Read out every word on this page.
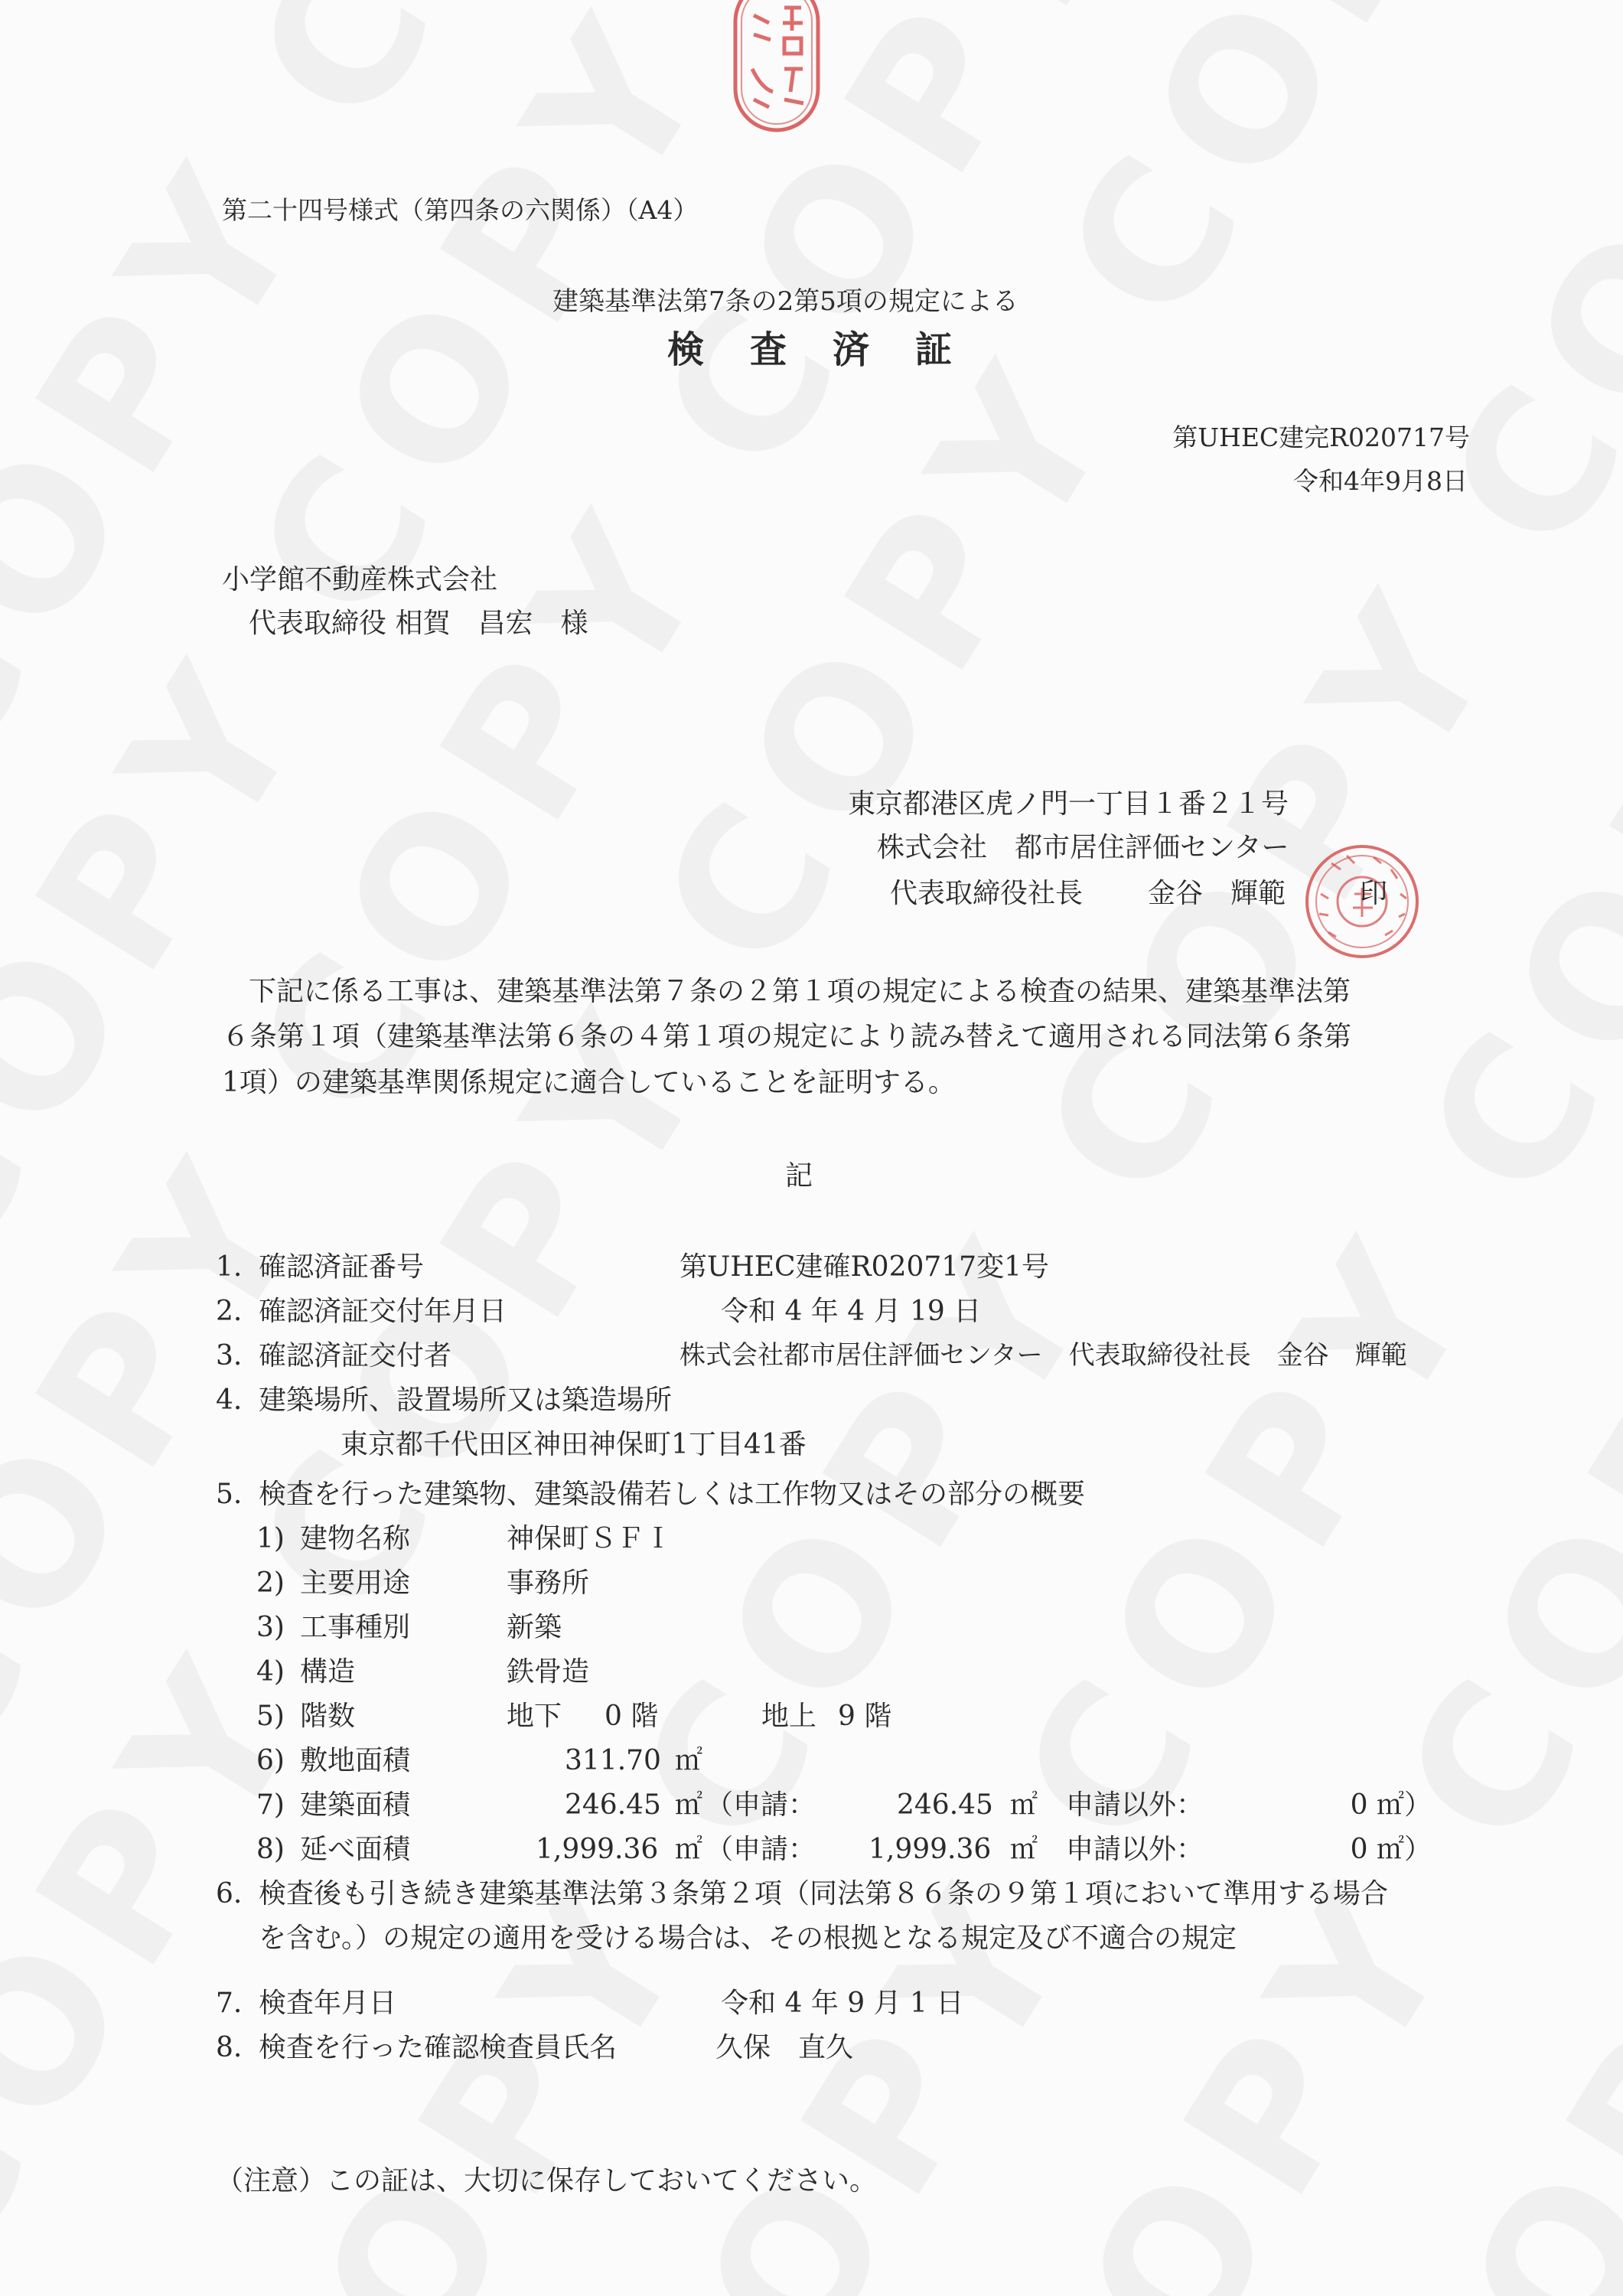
第二十四号様式（第四条の六関係）（A4）
建築基準法第7条の2第5項の規定による
検　査　済　証
第UHEC建完R020717号
令和4年9月8日
小学館不動産株式会社
代表取締役 相賀　昌宏　様
東京都港区虎ノ門一丁目１番２１号
株式会社　都市居住評価センター
代表取締役社長 金谷　輝範	印
下記に係る工事は、建築基準法第７条の２第１項の規定による検査の結果、建築基準法第
６条第１項（建築基準法第６条の４第１項の規定により読み替えて適用される同法第６条第
1項）の建築基準関係規定に適合していることを証明する。
記
1. 確認済証番号	第UHEC建確R020717変1号
2. 確認済証交付年月日	令和 4 年 4 月 19 日
3. 確認済証交付者	株式会社都市居住評価センター　代表取締役社長　金谷　輝範
4. 建築場所、設置場所又は築造場所
東京都千代田区神田神保町1丁目41番
5. 検査を行った建築物、建築設備若しくは工作物又はその部分の概要
1) 建物名称	神保町ＳＦＩ
2) 主要用途	事務所
3) 工事種別	新築
4) 構造	鉄骨造
5) 階数	地下 0 階	地上 9 階
6) 敷地面積	311.70 ㎡
7) 建築面積	246.45 ㎡ （申請：	246.45 ㎡ 申請以外：	0 ㎡）
8) 延べ面積	1,999.36 ㎡ （申請： 1,999.36 ㎡ 申請以外：	0 ㎡）
6. 検査後も引き続き建築基準法第３条第２項（同法第８６条の９第１項において準用する場合
を含む。）の規定の適用を受ける場合は、その根拠となる規定及び不適合の規定
7. 検査年月日	令和 4 年 9 月 1 日
8. 検査を行った確認検査員氏名	久保　直久
（注意）この証は、大切に保存しておいてください。
